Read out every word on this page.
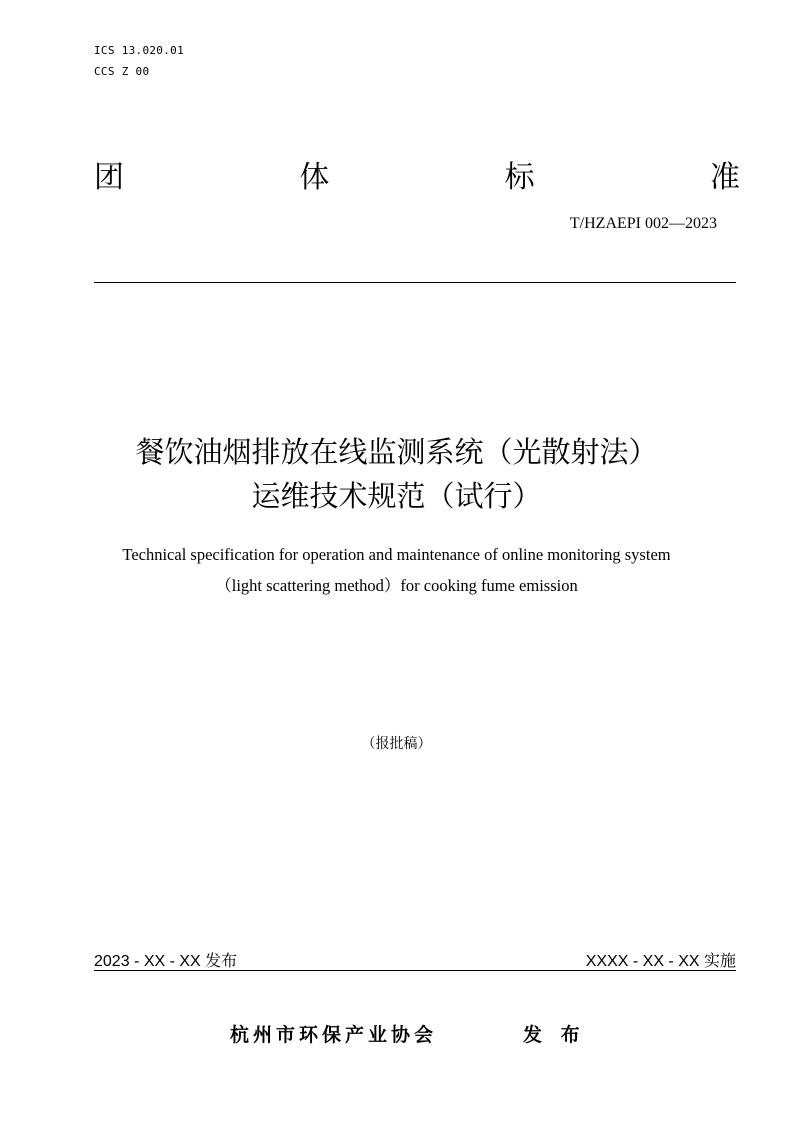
ICS 13.020.01
CCS Z 00
团	体	标	准
T/HZAEPI 002—2023
餐饮油烟排放在线监测系统（光散射法）
运维技术规范（试行）
Technical specification for operation and maintenance of online monitoring system
（light scattering method）for cooking fume emission
（报批稿）
2023 - XX - XX 发布	XXXX - XX - XX 实施
杭州市环保产业协会	发 布
